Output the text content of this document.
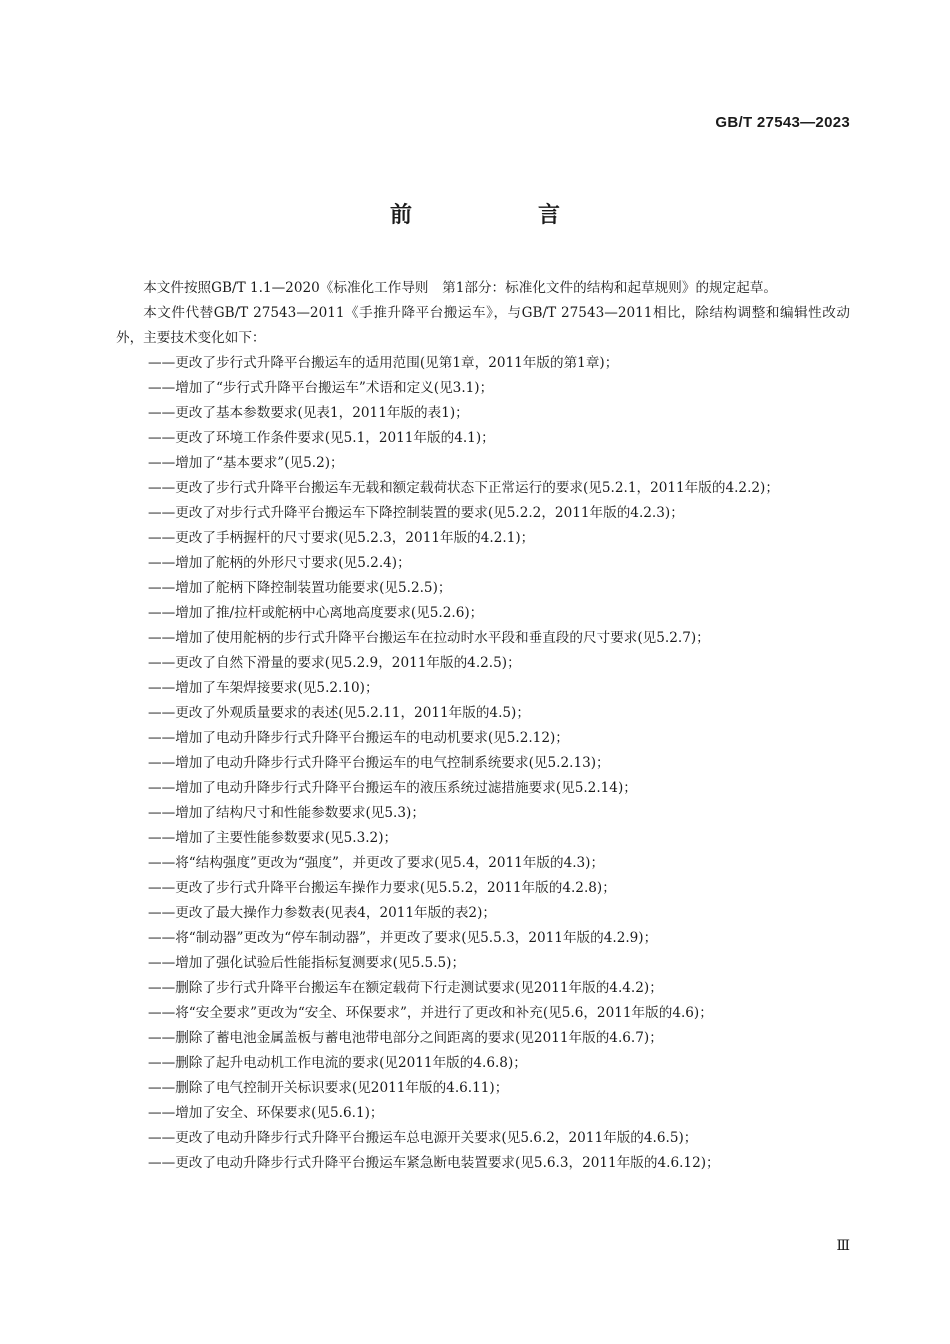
GB/T 27543—2023
前　言

本文件按照GB/T 1.1—2020《标准化工作导则　第1部分：标准化文件的结构和起草规则》的规定起草。

本文件代替GB/T 27543—2011《手推升降平台搬运车》，与GB/T 27543—2011相比，除结构调整和编辑性改动外，主要技术变化如下：

——更改了步行式升降平台搬运车的适用范围(见第1章，2011年版的第1章)；
——增加了“步行式升降平台搬运车”术语和定义(见3.1)；
——更改了基本参数要求(见表1，2011年版的表1)；
——更改了环境工作条件要求(见5.1，2011年版的4.1)；
——增加了“基本要求”(见5.2)；
——更改了步行式升降平台搬运车无载和额定载荷状态下正常运行的要求(见5.2.1，2011年版的4.2.2)；
——更改了对步行式升降平台搬运车下降控制装置的要求(见5.2.2，2011年版的4.2.3)；
——更改了手柄握杆的尺寸要求(见5.2.3，2011年版的4.2.1)；
——增加了舵柄的外形尺寸要求(见5.2.4)；
——增加了舵柄下降控制装置功能要求(见5.2.5)；
——增加了推/拉杆或舵柄中心离地高度要求(见5.2.6)；
——增加了使用舵柄的步行式升降平台搬运车在拉动时水平段和垂直段的尺寸要求(见5.2.7)；
——更改了自然下滑量的要求(见5.2.9，2011年版的4.2.5)；
——增加了车架焊接要求(见5.2.10)；
——更改了外观质量要求的表述(见5.2.11，2011年版的4.5)；
——增加了电动升降步行式升降平台搬运车的电动机要求(见5.2.12)；
——增加了电动升降步行式升降平台搬运车的电气控制系统要求(见5.2.13)；
——增加了电动升降步行式升降平台搬运车的液压系统过滤措施要求(见5.2.14)；
——增加了结构尺寸和性能参数要求(见5.3)；
——增加了主要性能参数要求(见5.3.2)；
——将“结构强度”更改为“强度”，并更改了要求(见5.4，2011年版的4.3)；
——更改了步行式升降平台搬运车操作力要求(见5.5.2，2011年版的4.2.8)；
——更改了最大操作力参数表(见表4，2011年版的表2)；
——将“制动器”更改为“停车制动器”，并更改了要求(见5.5.3，2011年版的4.2.9)；
——增加了强化试验后性能指标复测要求(见5.5.5)；
——删除了步行式升降平台搬运车在额定载荷下行走测试要求(见2011年版的4.4.2)；
——将“安全要求”更改为“安全、环保要求”，并进行了更改和补充(见5.6，2011年版的4.6)；
——删除了蓄电池金属盖板与蓄电池带电部分之间距离的要求(见2011年版的4.6.7)；
——删除了起升电动机工作电流的要求(见2011年版的4.6.8)；
——删除了电气控制开关标识要求(见2011年版的4.6.11)；
——增加了安全、环保要求(见5.6.1)；
——更改了电动升降步行式升降平台搬运车总电源开关要求(见5.6.2，2011年版的4.6.5)；
——更改了电动升降步行式升降平台搬运车紧急断电装置要求(见5.6.3，2011年版的4.6.12)；
Ⅲ
